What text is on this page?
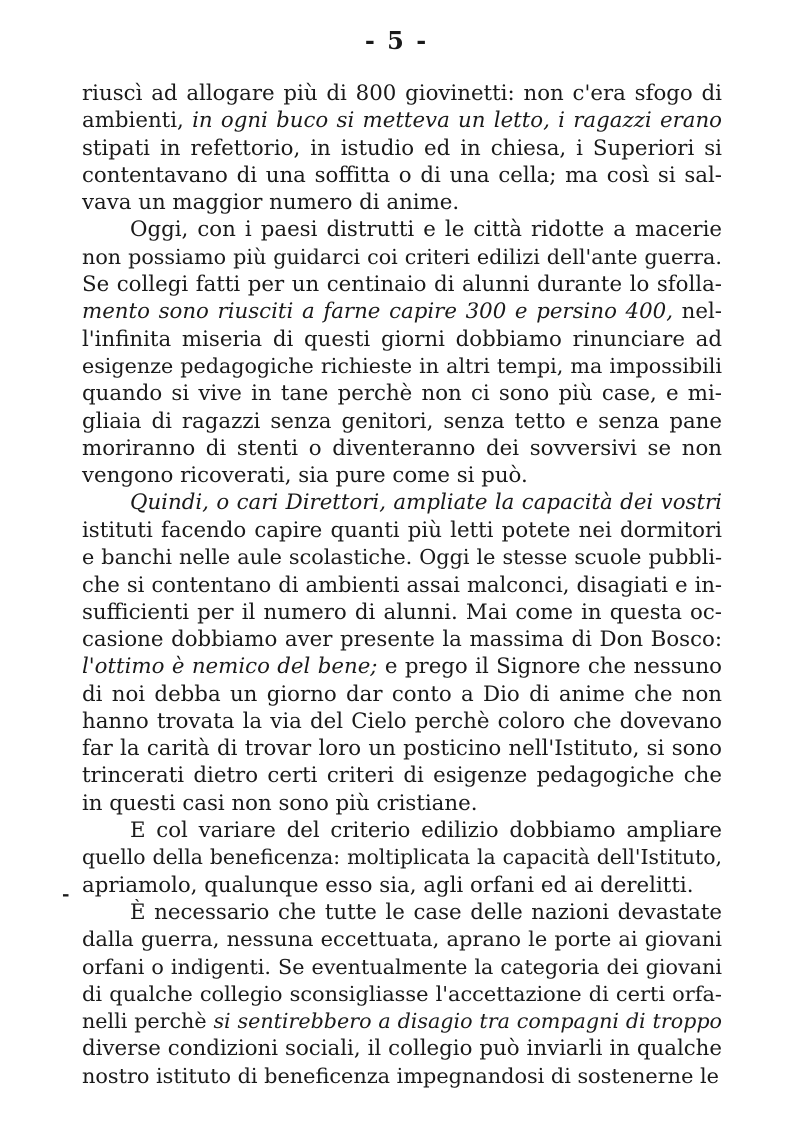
- 5 -
riuscì ad allogare più di 800 giovinetti: non c'era sfogo di
ambienti, in ogni buco si metteva un letto, i ragazzi erano
stipati in refettorio, in istudio ed in chiesa, i Superiori si
contentavano di una soffitta o di una cella; ma così si sal-
vava un maggior numero di anime.
Oggi, con i paesi distrutti e le città ridotte a macerie
non possiamo più guidarci coi criteri edilizi dell'ante guerra.
Se collegi fatti per un centinaio di alunni durante lo sfolla-
mento sono riusciti a farne capire 300 e persino 400, nel-
l'infinita miseria di questi giorni dobbiamo rinunciare ad
esigenze pedagogiche richieste in altri tempi, ma impossibili
quando si vive in tane perchè non ci sono più case, e mi-
gliaia di ragazzi senza genitori, senza tetto e senza pane
moriranno di stenti o diventeranno dei sovversivi se non
vengono ricoverati, sia pure come si può.
Quindi, o cari Direttori, ampliate la capacità dei vostri
istituti facendo capire quanti più letti potete nei dormitori
e banchi nelle aule scolastiche. Oggi le stesse scuole pubbli-
che si contentano di ambienti assai malconci, disagiati e in-
sufficienti per il numero di alunni. Mai come in questa oc-
casione dobbiamo aver presente la massima di Don Bosco:
l'ottimo è nemico del bene; e prego il Signore che nessuno
di noi debba un giorno dar conto a Dio di anime che non
hanno trovata la via del Cielo perchè coloro che dovevano
far la carità di trovar loro un posticino nell'Istituto, si sono
trincerati dietro certi criteri di esigenze pedagogiche che
in questi casi non sono più cristiane.
E col variare del criterio edilizio dobbiamo ampliare
quello della beneficenza: moltiplicata la capacità dell'Istituto,
apriamolo, qualunque esso sia, agli orfani ed ai derelitti.
È necessario che tutte le case delle nazioni devastate
dalla guerra, nessuna eccettuata, aprano le porte ai giovani
orfani o indigenti. Se eventualmente la categoria dei giovani
di qualche collegio sconsigliasse l'accettazione di certi orfa-
nelli perchè si sentirebbero a disagio tra compagni di troppo
diverse condizioni sociali, il collegio può inviarli in qualche
nostro istituto di beneficenza impegnandosi di sostenerne le
-
